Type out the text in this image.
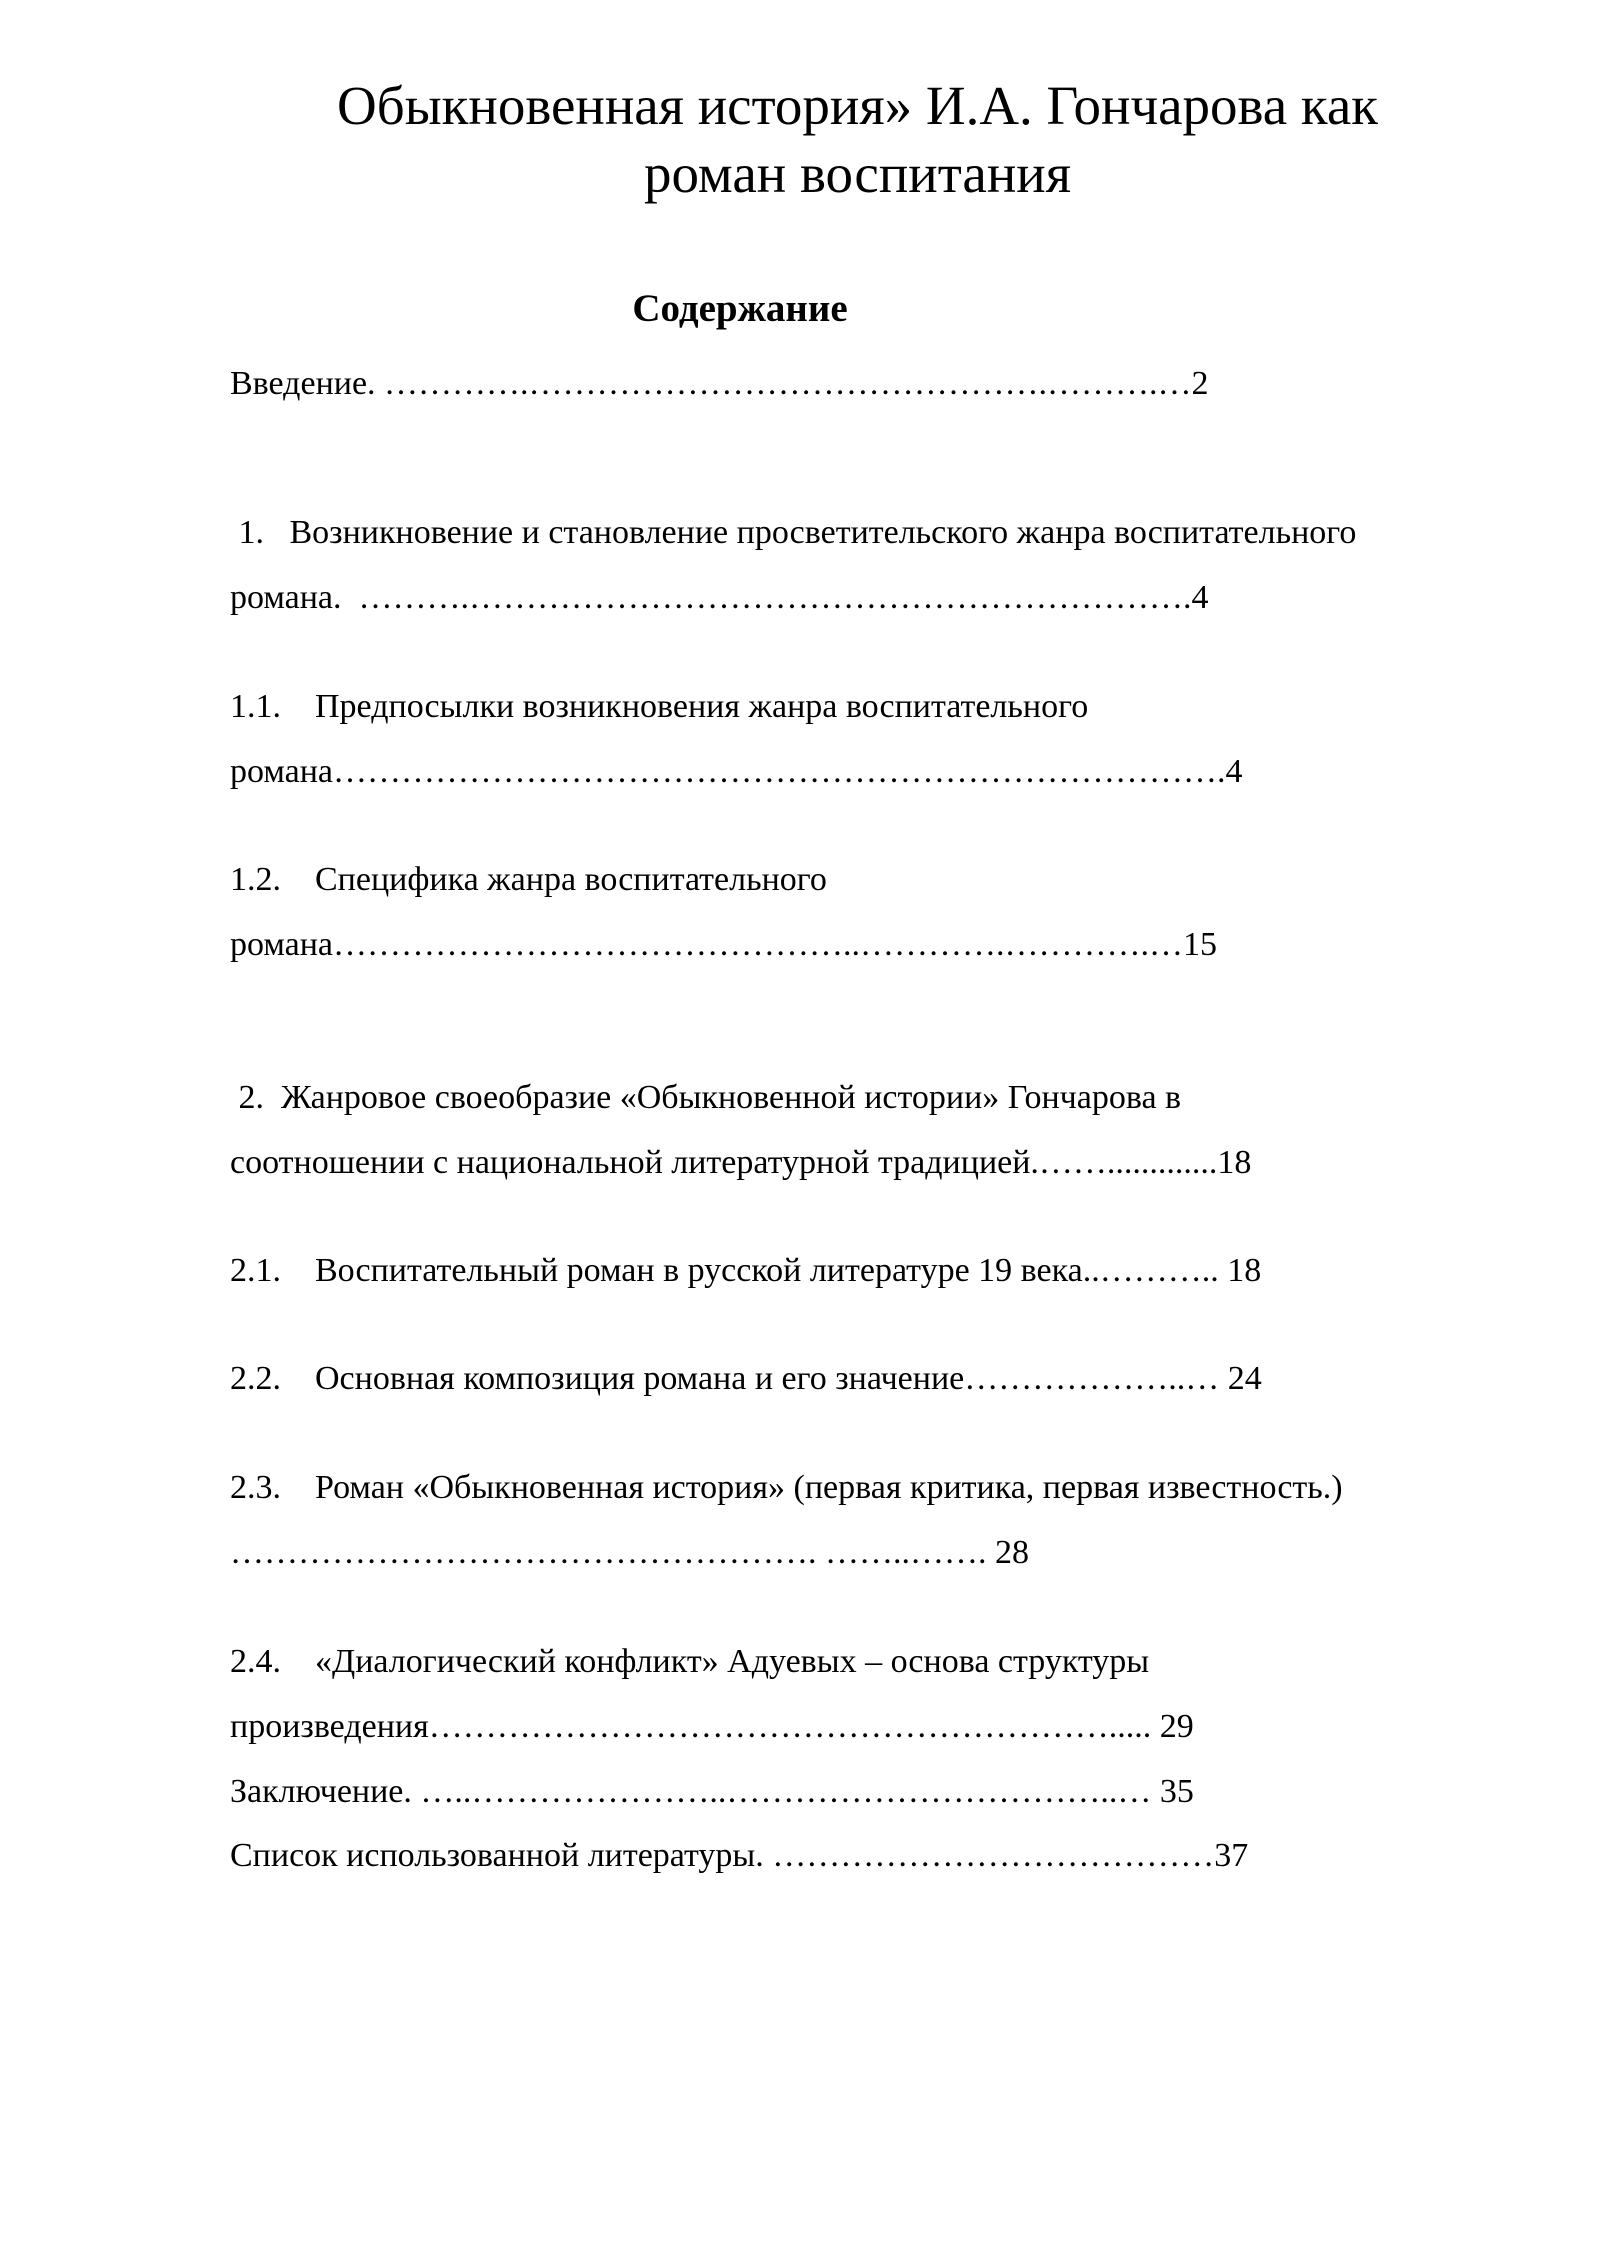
Обыкновенная история» И.А. Гончарова как
роман воспитания
Содержание
Введение. ………….……………………………………….……….…2
1.   Возникновение и становление просветительского жанра воспитательного
романа.  ……….……………………………………………………….4
1.1. Предпосылки возникновения жанра воспитательного
романа…………………………………………………………………….4
1.2. Специфика жанра воспитательного
романа………………………………………..………….………….…15
2.  Жанровое своеобразие «Обыкновенной истории» Гончарова в
соотношении с национальной литературной традицией.…….............18
2.1. Воспитательный роман в русской литературе 19 века..……….. 18
2.2. Основная композиция романа и его значение………………..… 24
2.3. Роман «Обыкновенная история» (первая критика, первая известность.)
……………………………………………. ……..……. 28
2.4. «Диалогический конфликт» Адуевых – основа структуры
произведения……………………………………………………..... 29
Заключение. …..…………………..……………………………..… 35
Список использованной литературы. …………………………………37
